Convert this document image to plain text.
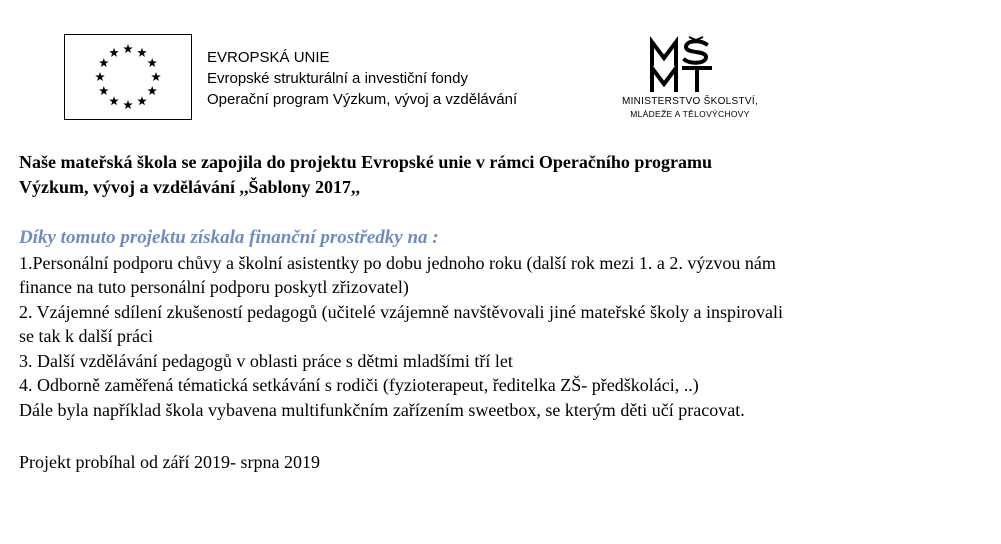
EVROPSKÁ UNIE
Evropské strukturální a investiční fondy
Operační program Výzkum, vývoj a vzdělávání	MINISTERSTVO ŠKOLSTVÍ,
MLÁDEŽE A TĚLOVÝCHOVY

Naše mateřská škola se zapojila do projektu Evropské unie v rámci Operačního programu

Výzkum, vývoj a vzdělávání ,,Šablony 2017,,

Díky tomuto projektu získala finanční prostředky na :

1.Personální podporu chůvy a školní asistentky po dobu jednoho roku (další rok mezi 1. a 2. výzvou nám

finance na tuto personální podporu poskytl zřizovatel)

2. Vzájemné sdílení zkušeností pedagogů (učitelé vzájemně navštěvovali jiné mateřské školy a inspirovali

se tak k další práci

3. Další vzdělávání pedagogů v oblasti práce s dětmi mladšími tří let

4. Odborně zaměřená tématická setkávání s rodiči (fyzioterapeut, ředitelka ZŠ- předškoláci, ..)

Dále byla například škola vybavena multifunkčním zařízením sweetbox, se kterým děti učí pracovat.

Projekt probíhal od září 2019- srpna 2019
